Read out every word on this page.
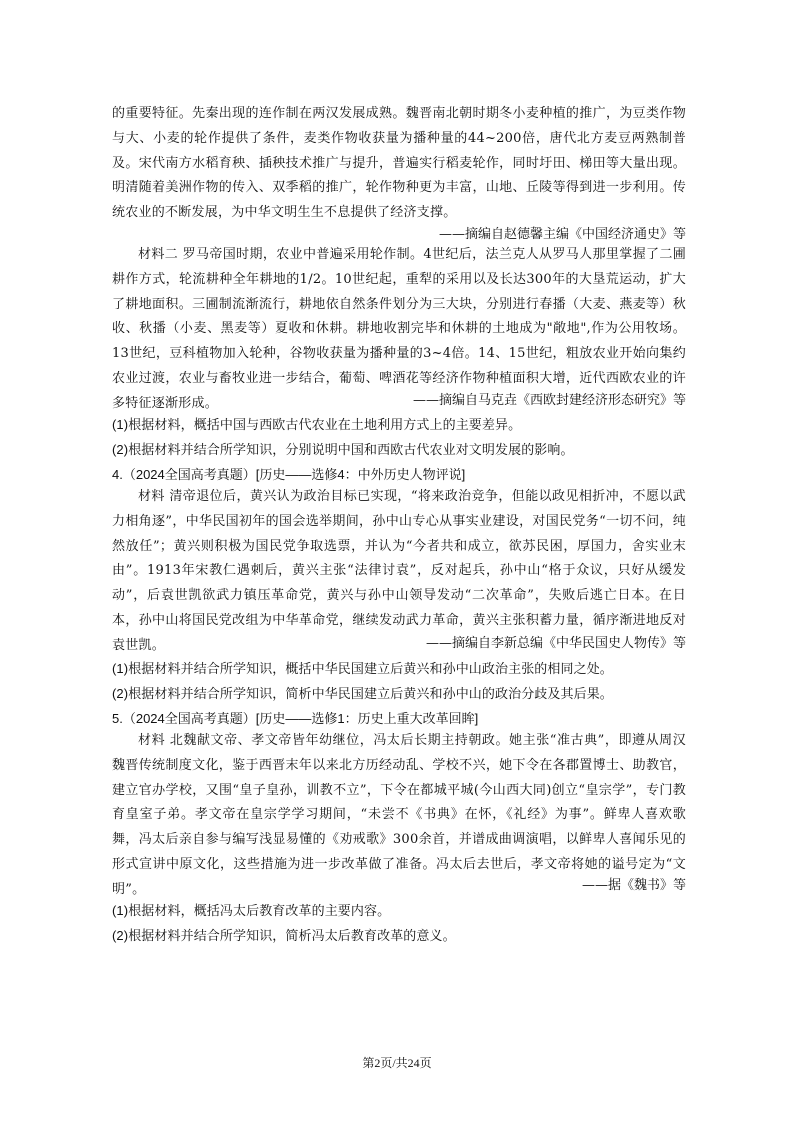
的重要特征。先秦出现的连作制在两汉发展成熟。魏晋南北朝时期冬小麦种植的推广，为豆类作物与大、小麦的轮作提供了条件，麦类作物收获量为播种量的44~200倍，唐代北方麦豆两熟制普及。宋代南方水稻育秧、插秧技术推广与提升，普遍实行稻麦轮作，同时圩田、梯田等大量出现。明清随着美洲作物的传入、双季稻的推广，轮作物种更为丰富，山地、丘陵等得到进一步利用。传统农业的不断发展，为中华文明生生不息提供了经济支撑。

——摘编自赵德馨主编《中国经济通史》等

材料二 罗马帝国时期，农业中普遍采用轮作制。4世纪后，法兰克人从罗马人那里掌握了二圃耕作方式，轮流耕种全年耕地的1/2。10世纪起，重犁的采用以及长达300年的大垦荒运动，扩大了耕地面积。三圃制流渐流行，耕地依自然条件划分为三大块，分别进行春播（大麦、燕麦等）秋收、秋播（小麦、黑麦等）夏收和休耕。耕地收割完毕和休耕的土地成为"敞地",作为公用牧场。13世纪，豆科植物加入轮种，谷物收获量为播种量的3~4倍。14、15世纪，粗放农业开始向集约农业过渡，农业与畜牧业进一步结合，葡萄、啤酒花等经济作物种植面积大增，近代西欧农业的许多特征逐渐形成。	——摘编自马克垚《西欧封建经济形态研究》等

(1)根据材料，概括中国与西欧古代农业在土地利用方式上的主要差异。

(2)根据材料并结合所学知识，分别说明中国和西欧古代农业对文明发展的影响。

4.（2024全国高考真题）[历史——选修4：中外历史人物评说]

材料 清帝退位后，黄兴认为政治目标已实现，“将来政治竞争，但能以政见相折冲，不愿以武力相角逐”，中华民国初年的国会选举期间，孙中山专心从事实业建设，对国民党务“一切不问，纯然放任”；黄兴则积极为国民党争取选票，并认为“今者共和成立，欲苏民困，厚国力，舍实业末由”。1913年宋教仁遇刺后，黄兴主张“法律讨袁”，反对起兵，孙中山“格于众议，只好从缓发动”，后袁世凯欲武力镇压革命党，黄兴与孙中山领导发动“二次革命”，失败后逃亡日本。在日本，孙中山将国民党改组为中华革命党，继续发动武力革命，黄兴主张积蓄力量，循序渐进地反对袁世凯。	——摘编自李新总编《中华民国史人物传》等

(1)根据材料并结合所学知识，概括中华民国建立后黄兴和孙中山政治主张的相同之处。

(2)根据材料并结合所学知识，简析中华民国建立后黄兴和孙中山的政治分歧及其后果。

5.（2024全国高考真题）[历史——选修1：历史上重大改革回眸]

材料 北魏献文帝、孝文帝皆年幼继位，冯太后长期主持朝政。她主张“准古典”，即遵从周汉魏晋传统制度文化，鉴于西晋末年以来北方历经动乱、学校不兴，她下令在各郡置博士、助教官，建立官办学校，又围“皇子皇孙，训教不立”，下令在都城平城(今山西大同)创立“皇宗学”，专门教育皇室子弟。孝文帝在皇宗学学习期间，“未尝不《书典》在怀，《礼经》为事”。鲜卑人喜欢歌舞，冯太后亲自参与编写浅显易懂的《劝戒歌》300余首，并谱成曲调演唱，以鲜卑人喜闻乐见的形式宣讲中原文化，这些措施为进一步改革做了准备。冯太后去世后，孝文帝将她的谥号定为“文明”。	——据《魏书》等

(1)根据材料，概括冯太后教育改革的主要内容。

(2)根据材料并结合所学知识，简析冯太后教育改革的意义。

第2页/共24页
